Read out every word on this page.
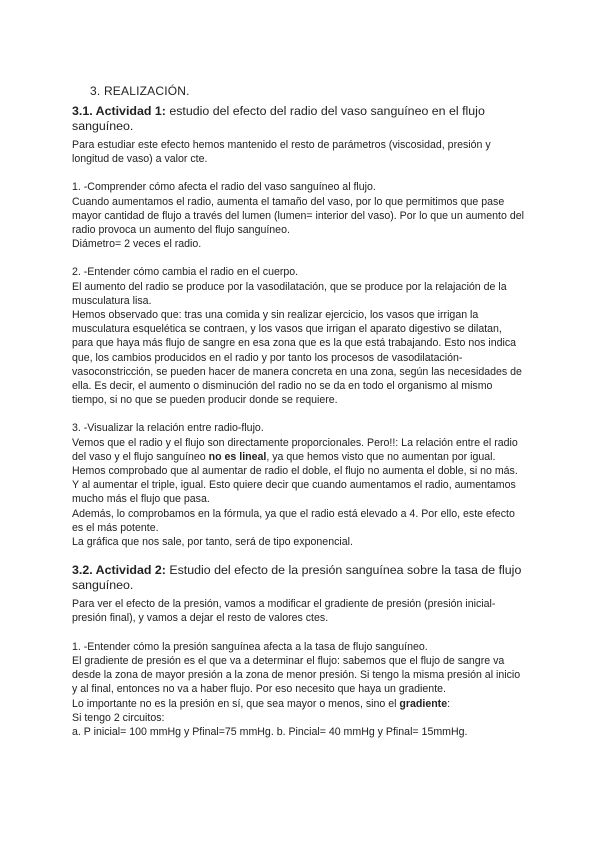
3. REALIZACIÓN.
3.1. Actividad 1: estudio del efecto del radio del vaso sanguíneo en el flujo sanguíneo.

Para estudiar este efecto hemos mantenido el resto de parámetros (viscosidad, presión y longitud de vaso) a valor cte.

1. -Comprender cómo afecta el radio del vaso sanguíneo al flujo.

Cuando aumentamos el radio, aumenta el tamaño del vaso, por lo que permitimos que pase mayor cantidad de flujo a través del lumen (lumen= interior del vaso). Por lo que un aumento del radio provoca un aumento del flujo sanguíneo.

Diámetro= 2 veces el radio.

2. -Entender cómo cambia el radio en el cuerpo.

El aumento del radio se produce por la vasodilatación, que se produce por la relajación de la musculatura lisa.

Hemos observado que: tras una comida y sin realizar ejercicio, los vasos que irrigan la musculatura esquelética se contraen, y los vasos que irrigan el aparato digestivo se dilatan, para que haya más flujo de sangre en esa zona que es la que está trabajando. Esto nos indica que, los cambios producidos en el radio y por tanto los procesos de vasodilatación-vasoconstricción, se pueden hacer de manera concreta en una zona, según las necesidades de ella. Es decir, el aumento o disminución del radio no se da en todo el organismo al mismo tiempo, si no que se pueden producir donde se requiere.

3. -Visualizar la relación entre radio-flujo.

Vemos que el radio y el flujo son directamente proporcionales. Pero!!: La relación entre el radio del vaso y el flujo sanguíneo no es lineal, ya que hemos visto que no aumentan por igual. Hemos comprobado que al aumentar de radio el doble, el flujo no aumenta el doble, si no más. Y al aumentar el triple, igual. Esto quiere decir que cuando aumentamos el radio, aumentamos mucho más el flujo que pasa.

Además, lo comprobamos en la fórmula, ya que el radio está elevado a 4. Por ello, este efecto es el más potente.

La gráfica que nos sale, por tanto, será de tipo exponencial.

3.2. Actividad 2: Estudio del efecto de la presión sanguínea sobre la tasa de flujo sanguíneo.

Para ver el efecto de la presión, vamos a modificar el gradiente de presión (presión inicial-presión final), y vamos a dejar el resto de valores ctes.

1. -Entender cómo la presión sanguínea afecta a la tasa de flujo sanguíneo.

El gradiente de presión es el que va a determinar el flujo: sabemos que el flujo de sangre va desde la zona de mayor presión a la zona de menor presión. Si tengo la misma presión al inicio y al final, entonces no va a haber flujo. Por eso necesito que haya un gradiente.

Lo importante no es la presión en sí, que sea mayor o menos, sino el gradiente:

Si tengo 2 circuitos:

a. P inicial= 100 mmHg y Pfinal=75 mmHg. b. Pincial= 40 mmHg y Pfinal= 15mmHg.
